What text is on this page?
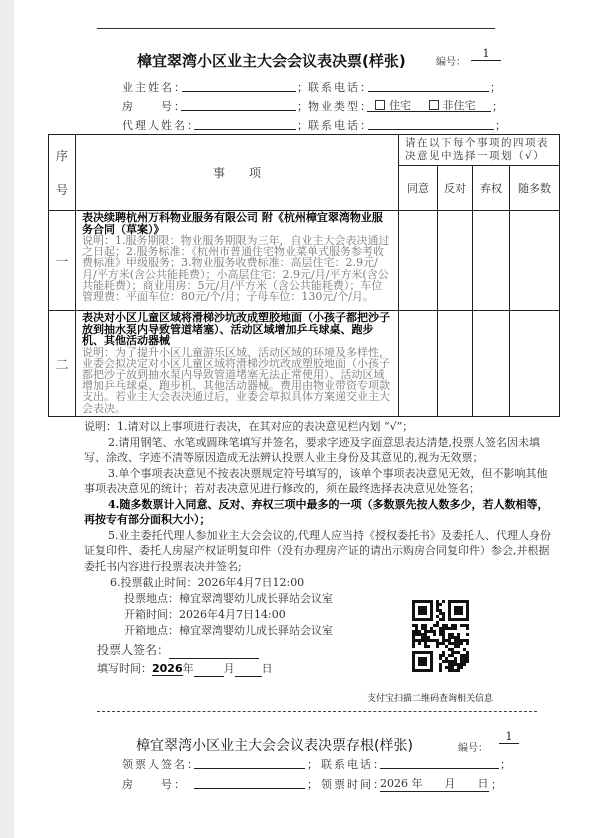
樟宜翠湾小区业主大会会议表决票(样张)	编号：
1
业主姓名：	； 联系电话：	；
房　　号：	； 物业类型：	住宅	非住宅	；
代理人姓名：	； 联系电话：	；
序
号	事　　项	请在以下每个事项的四项表决意见中选择一项划（√）			
		同意	反对	弃权	随多数
一	表决续聘杭州万科物业服务有限公司 附《杭州樟宜翠湾物业服务合同（草案）》
说明：1.服务期限：物业服务期限为三年，自业主大会表决通过之日起；2.服务标准：《杭州市普通住宅物业菜单式服务参考收费标准》甲级服务；3.物业服务收费标准：高层住宅：2.9元/月/平方米(含公共能耗费）；小高层住宅：2.9元/月/平方米(含公共能耗费）；商业用房：5元/月/平方米（含公共能耗费）；车位管理费：平面车位：80元/个/月；子母车位：130元/个/月。				

二	表决对小区儿童区域将滑梯沙坑改成塑胶地面（小孩子都把沙子放到抽水泵内导致管道堵塞）、活动区域增加乒乓球桌、跑步机、其他活动器械
说明：为了提升小区儿童游乐区域、活动区域的环境及多样性，业委会拟决定对小区儿童区域将滑梯沙坑改成塑胶地面（小孩子都把沙子放到抽水泵内导致管道堵塞无法正常使用）、活动区域增加乒乓球桌、跑步机、其他活动器械。费用由物业带资专项款支出。若业主大会表决通过后，业委会草拟具体方案递交业主大会表决。				

说明：1.请对以上事项进行表决，在其对应的表决意见栏内划 “√”；

2.请用钢笔、水笔或圆珠笔填写并签名，要求字迹及字面意思表达清楚,投票人签名因未填写、涂改、字迹不清等原因造成无法辨认投票人业主身份及其意见的,视为无效票；

3.单个事项表决意见不按表决票规定符号填写的，该单个事项表决意见无效，但不影响其他事项表决意见的统计；若对表决意见进行修改的，须在最终选择表决意见处签名；

4.随多数票计入同意、反对、弃权三项中最多的一项（多数票先按人数多少，若人数相等，再按专有部分面积大小）；

5.业主委托代理人参加业主大会会议的,代理人应当持《授权委托书》及委托人、代理人身份证复印件、委托人房屋产权证明复印件（没有办理房产证的请出示购房合同复印件）参会,并根据委托书内容进行投票表决并签名;

6.投票截止时间：2026年4月7日12:00
投票地点：樟宜翠湾婴幼儿成长驿站会议室
开箱时间：2026年4月7日14:00
开箱地点：樟宜翠湾婴幼儿成长驿站会议室
投票人签名：
填写时间：2026年	月 日
支付宝扫描二维码查询相关信息
樟宜翠湾小区业主大会会议表决票存根(样张)	编号：
1
领票人签名：	； 联系电话：	；
房　　号：	； 领票时间：
2026 年　　月　　日 ；
